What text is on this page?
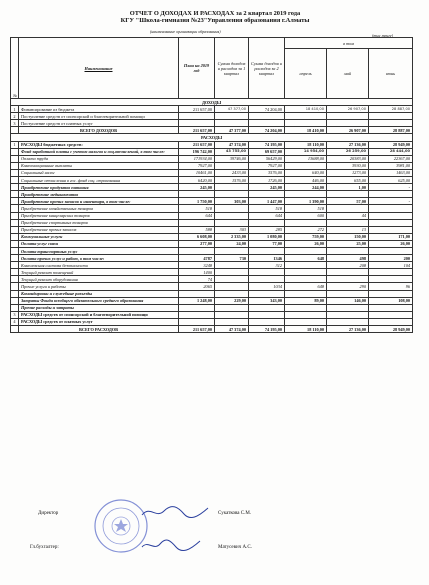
ОТЧЕТ О ДОХОДАХ И РАСХОДАХ за 2 квартал 2019 года
КГУ "Школа-гимназия №23"Управления образования г.Алматы
(наименование организации образования)
(тыс.тенге)
№	Наименование	План на 2019 год	Сумма доходов и расходов за 1 квартал	Сумма доходов и расходов за 2 квартал	в том		
					апрель	май	июнь
ДОХОДЫ							
1	Финансирование из бюджета	211 657,00	47 377,00	74 204,00	18 410,00	26 907,00	28 887,00
2	Поступление средств от спонсорской и благотворительной помощи						
3	Поступление средств от платных услуг						
	ВСЕГО ДОХОДОВ	211 657,00	47 377,00	74 204,00	18 410,00	26 907,00	28 887,00
РАСХОДЫ							
1	РАСХОДЫ бюджетных средств:	211 657,00	47 374,00	74 195,00	18 110,00	27 136,00	28 949,00
	Фонд заработной платы с учетом налогов и соц.отчислений, в том числе:	196 742,00	43 755,00	69 657,00	14 954,00	26 259,00	28 444,00
	Оплата труда	171934,00	39746,00	56429,00	13688,00	20383,00	22367,00
	Компенсационные выплаты	7927,00		7927,00		3930,00	3981,00
	Социальный налог	10461,00	2433,00	3576,00	640,00	1273,00	1463,00
	Социальные отчисления в гос. фонд соц. страхования	6420,00	1576,00	1726,00	446,00	655,00	625,00
	Приобретение продуктов питания	245,00		245,00	244,00	1,00	-
	Приобретение медикаментов						
	Приобретение прочих запасов и инвентаря, в том числе:	1 750,00	303,00	1 447,00	1 390,00	57,00	-
	Приобретение хозяйственных товаров	518		518	518		
	Приобретение канцелярских товаров	644		644	600	44	
	Приобретение спортивных товаров						
	Приобретение прочих запасов	588	303	285	272	13	
	Коммунальные услуги	6 608,00	2 335,00	1 080,00	759,00	150,00	171,00
	Оплата услуг связи	277,00	24,00	77,00	26,00	25,00	26,00
	Оплата транспортных услуг						
	Оплата прочих услуг и работ, в том числе:	4787	730	1346	648	498	200
	Комплексная система безопасности	3248		312		208	104
	Текущий ремонт помещений	1400					
	Текущий ремонт оборудования	74					
	Прочие услуги и работы	2065		1034	648	290	96
	Командировки и служебные разъезды						
	Затраты Фонда всеобщего обязательного среднего образования	1 248,00	229,00	343,00	89,00	146,00	108,00
	Прочие расходы и затраты						
3	РАСХОДЫ средств от спонсорской и благотворительной помощи						
4	РАСХОДЫ средств от платных услуг						
	ВСЕГО РАСХОДОВ	211 657,00	47 374,00	74 195,00	18 110,00	27 136,00	28 949,00
Директор	Сукаткова С.М.
Гл.бухгалтер:	Матусевич А.С.
